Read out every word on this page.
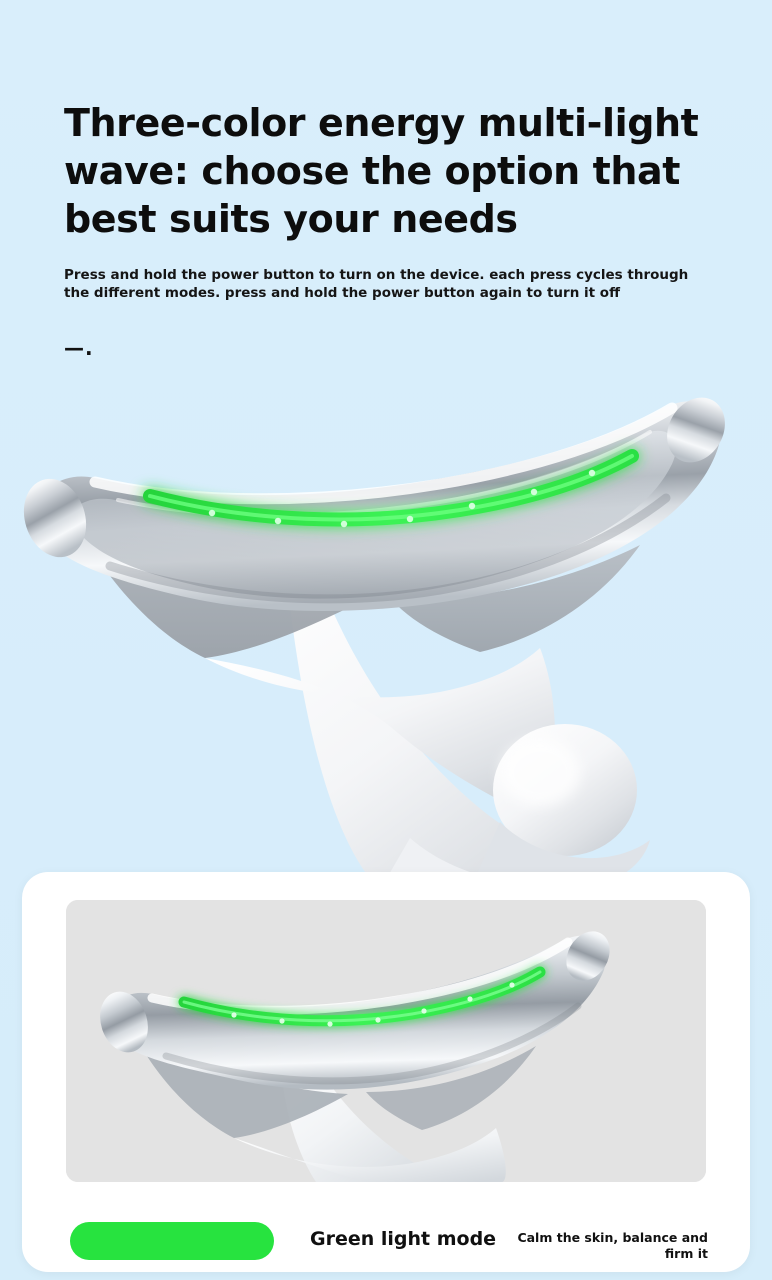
Three-color energy multi-light wave: choose the option that best suits your needs

Press and hold the power button to turn on the device. each press cycles through the different modes. press and hold the power button again to turn it off

—.
Green light mode	Calm the skin, balance and firm it
